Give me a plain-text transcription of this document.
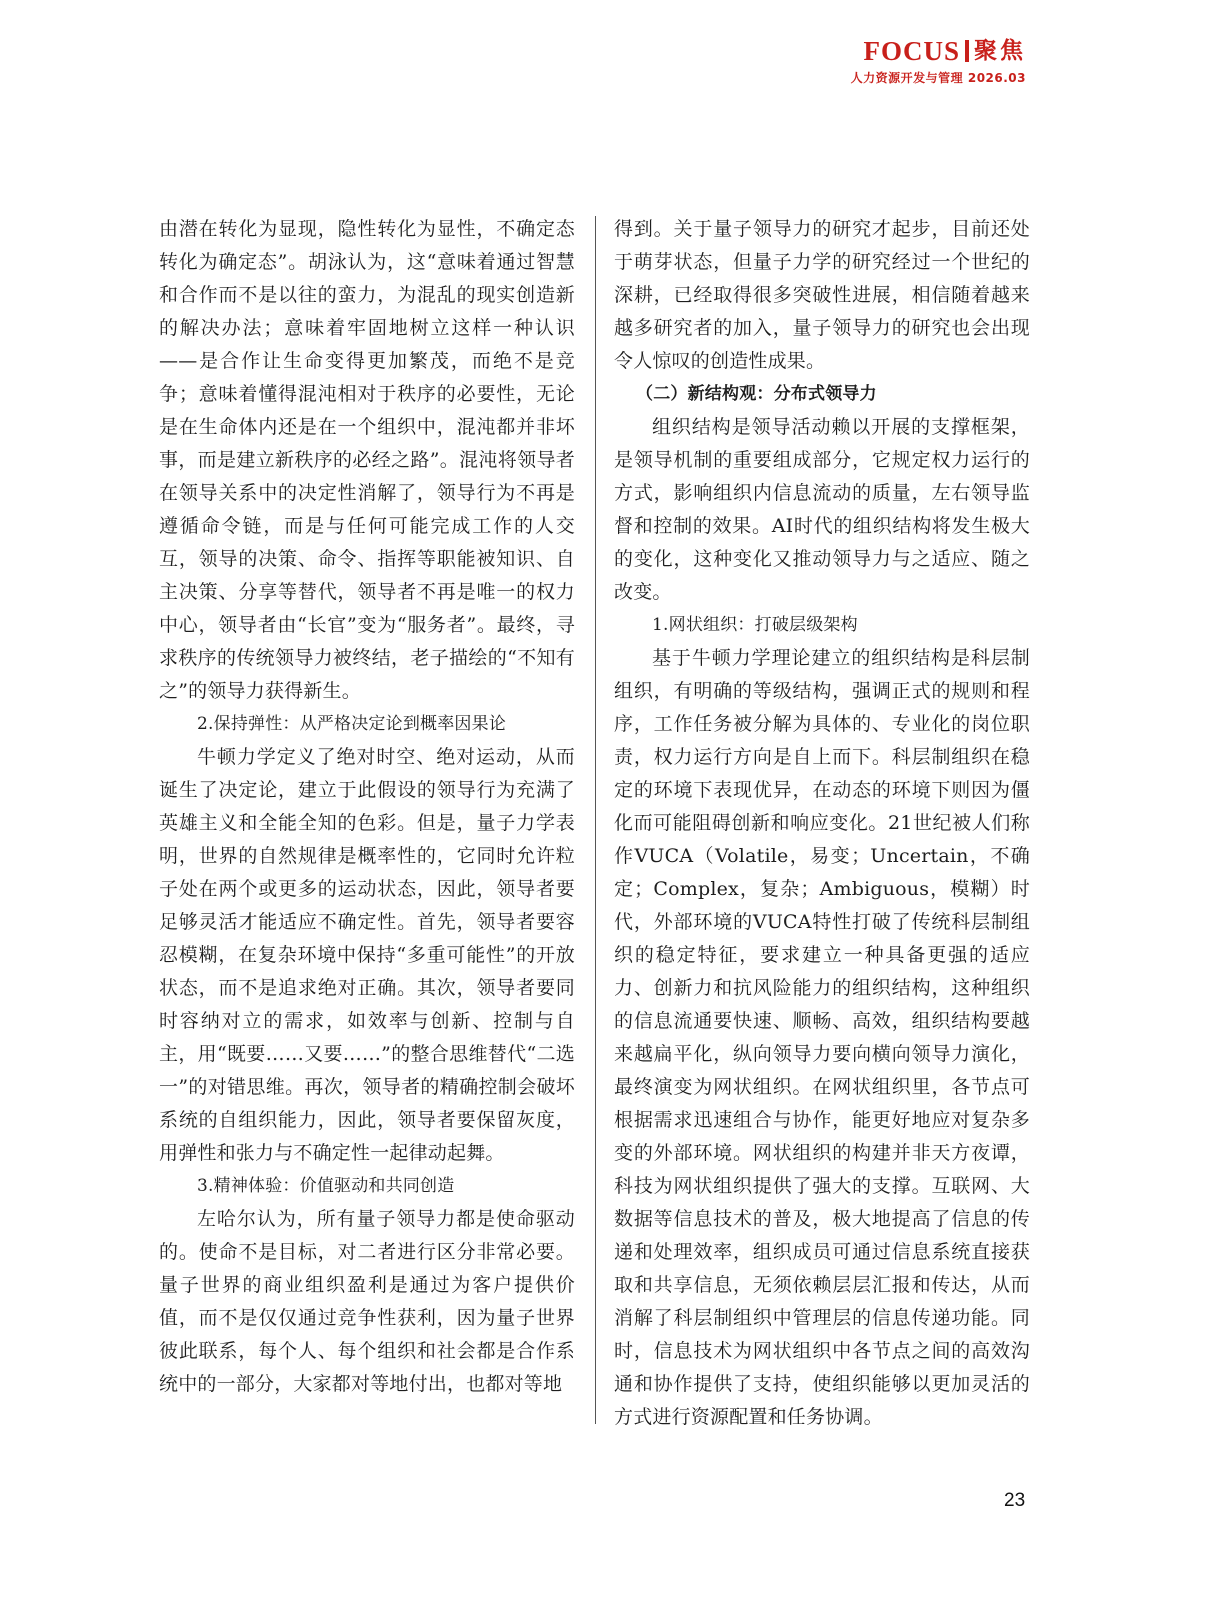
FOCUS 聚焦
人力资源开发与管理 2026.03

由潜在转化为显现，隐性转化为显性，不确定态转化为确定态”。胡泳认为，这“意味着通过智慧和合作而不是以往的蛮力，为混乱的现实创造新的解决办法；意味着牢固地树立这样一种认识——是合作让生命变得更加繁茂，而绝不是竞争；意味着懂得混沌相对于秩序的必要性，无论是在生命体内还是在一个组织中，混沌都并非坏事，而是建立新秩序的必经之路”。混沌将领导者在领导关系中的决定性消解了，领导行为不再是遵循命令链，而是与任何可能完成工作的人交互，领导的决策、命令、指挥等职能被知识、自主决策、分享等替代，领导者不再是唯一的权力中心，领导者由“长官”变为“服务者”。最终，寻求秩序的传统领导力被终结，老子描绘的“不知有之”的领导力获得新生。

2.保持弹性：从严格决定论到概率因果论

牛顿力学定义了绝对时空、绝对运动，从而诞生了决定论，建立于此假设的领导行为充满了英雄主义和全能全知的色彩。但是，量子力学表明，世界的自然规律是概率性的，它同时允许粒子处在两个或更多的运动状态，因此，领导者要足够灵活才能适应不确定性。首先，领导者要容忍模糊，在复杂环境中保持“多重可能性”的开放状态，而不是追求绝对正确。其次，领导者要同时容纳对立的需求，如效率与创新、控制与自主，用“既要……又要……”的整合思维替代“二选一”的对错思维。再次，领导者的精确控制会破坏系统的自组织能力，因此，领导者要保留灰度，用弹性和张力与不确定性一起律动起舞。

3.精神体验：价值驱动和共同创造

左哈尔认为，所有量子领导力都是使命驱动的。使命不是目标，对二者进行区分非常必要。量子世界的商业组织盈利是通过为客户提供价值，而不是仅仅通过竞争性获利，因为量子世界彼此联系，每个人、每个组织和社会都是合作系统中的一部分，大家都对等地付出，也都对等地

得到。关于量子领导力的研究才起步，目前还处于萌芽状态，但量子力学的研究经过一个世纪的深耕，已经取得很多突破性进展，相信随着越来越多研究者的加入，量子领导力的研究也会出现令人惊叹的创造性成果。

（二）新结构观：分布式领导力

组织结构是领导活动赖以开展的支撑框架，是领导机制的重要组成部分，它规定权力运行的方式，影响组织内信息流动的质量，左右领导监督和控制的效果。AI时代的组织结构将发生极大的变化，这种变化又推动领导力与之适应、随之改变。

1.网状组织：打破层级架构

基于牛顿力学理论建立的组织结构是科层制组织，有明确的等级结构，强调正式的规则和程序，工作任务被分解为具体的、专业化的岗位职责，权力运行方向是自上而下。科层制组织在稳定的环境下表现优异，在动态的环境下则因为僵化而可能阻碍创新和响应变化。21世纪被人们称作VUCA（Volatile，易变；Uncertain，不确定；Complex，复杂；Ambiguous，模糊）时代，外部环境的VUCA特性打破了传统科层制组织的稳定特征，要求建立一种具备更强的适应力、创新力和抗风险能力的组织结构，这种组织的信息流通要快速、顺畅、高效，组织结构要越来越扁平化，纵向领导力要向横向领导力演化，最终演变为网状组织。在网状组织里，各节点可根据需求迅速组合与协作，能更好地应对复杂多变的外部环境。网状组织的构建并非天方夜谭，科技为网状组织提供了强大的支撑。互联网、大数据等信息技术的普及，极大地提高了信息的传递和处理效率，组织成员可通过信息系统直接获取和共享信息，无须依赖层层汇报和传达，从而消解了科层制组织中管理层的信息传递功能。同时，信息技术为网状组织中各节点之间的高效沟通和协作提供了支持，使组织能够以更加灵活的方式进行资源配置和任务协调。

23
